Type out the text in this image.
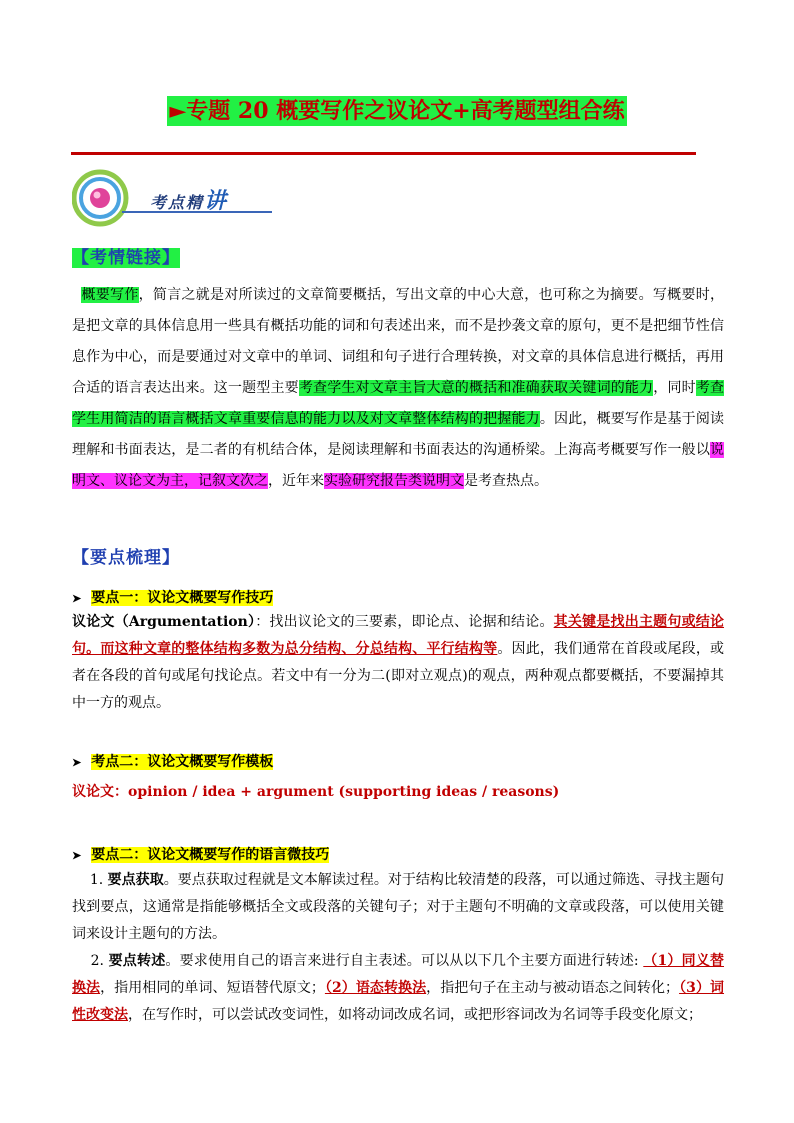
►专题 20 概要写作之议论文+高考题型组合练
考点精讲
【考情链接】
概要写作，简言之就是对所读过的文章简要概括，写出文章的中心大意，也可称之为摘要。写概要时，是把文章的具体信息用一些具有概括功能的词和句表述出来，而不是抄袭文章的原句，更不是把细节性信息作为中心，而是要通过对文章中的单词、词组和句子进行合理转换，对文章的具体信息进行概括，再用合适的语言表达出来。这一题型主要考查学生对文章主旨大意的概括和准确获取关键词的能力，同时考查学生用简洁的语言概括文章重要信息的能力以及对文章整体结构的把握能力。因此，概要写作是基于阅读理解和书面表达，是二者的有机结合体，是阅读理解和书面表达的沟通桥梁。上海高考概要写作一般以说明文、议论文为主，记叙文次之，近年来实验研究报告类说明文是考查热点。
【要点梳理】
➤ 要点一：议论文概要写作技巧
议论文（Argumentation）：找出议论文的三要素，即论点、论据和结论。其关键是找出主题句或结论句。而这种文章的整体结构多数为总分结构、分总结构、平行结构等。因此，我们通常在首段或尾段，或者在各段的首句或尾句找论点。若文中有一分为二(即对立观点)的观点，两种观点都要概括，不要漏掉其中一方的观点。
➤ 考点二：议论文概要写作模板
议论文：opinion / idea + argument (supporting ideas / reasons)
➤ 要点二：议论文概要写作的语言微技巧
1. 要点获取。要点获取过程就是文本解读过程。对于结构比较清楚的段落，可以通过筛选、寻找主题句找到要点，这通常是指能够概括全文或段落的关键句子；对于主题句不明确的文章或段落，可以使用关键词来设计主题句的方法。
2. 要点转述。要求使用自己的语言来进行自主表述。可以从以下几个主要方面进行转述: （1）同义替换法，指用相同的单词、短语替代原文；（2）语态转换法，指把句子在主动与被动语态之间转化；（3）词性改变法，在写作时，可以尝试改变词性，如将动词改成名词，或把形容词改为名词等手段变化原文；
